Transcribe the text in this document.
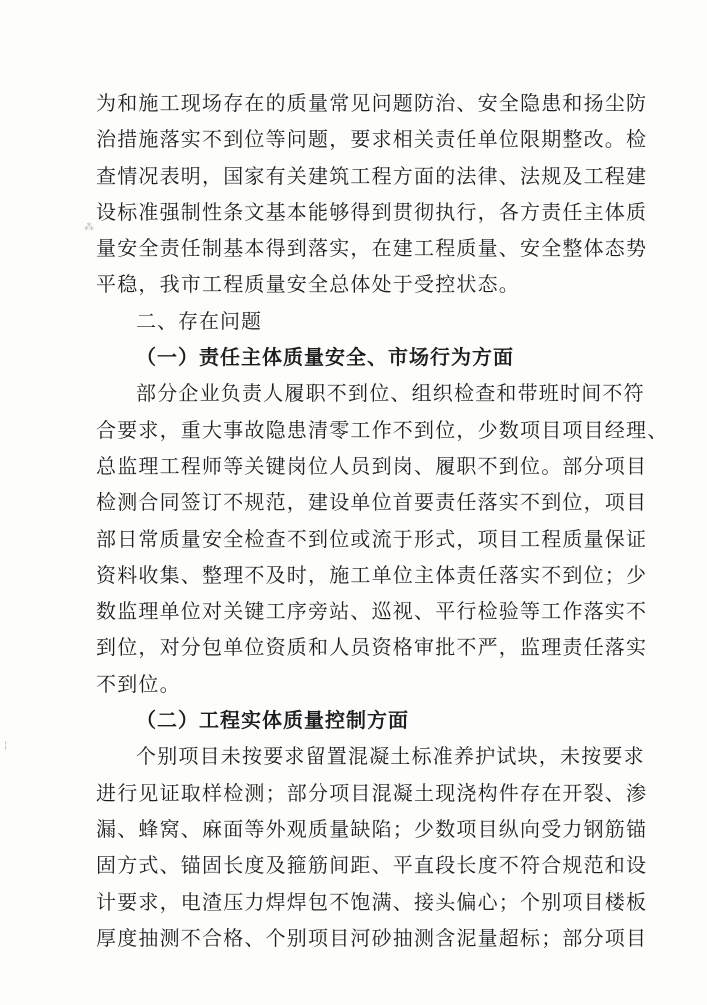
⁂
¦
为和施工现场存在的质量常见问题防治、安全隐患和扬尘防
治措施落实不到位等问题，要求相关责任单位限期整改。检
查情况表明，国家有关建筑工程方面的法律、法规及工程建
设标准强制性条文基本能够得到贯彻执行，各方责任主体质
量安全责任制基本得到落实，在建工程质量、安全整体态势
平稳，我市工程质量安全总体处于受控状态。
二、存在问题
（一）责任主体质量安全、市场行为方面
部分企业负责人履职不到位、组织检查和带班时间不符
合要求，重大事故隐患清零工作不到位，少数项目项目经理、
总监理工程师等关键岗位人员到岗、履职不到位。部分项目
检测合同签订不规范，建设单位首要责任落实不到位，项目
部日常质量安全检查不到位或流于形式，项目工程质量保证
资料收集、整理不及时，施工单位主体责任落实不到位；少
数监理单位对关键工序旁站、巡视、平行检验等工作落实不
到位，对分包单位资质和人员资格审批不严，监理责任落实
不到位。
（二）工程实体质量控制方面
个别项目未按要求留置混凝土标准养护试块，未按要求
进行见证取样检测；部分项目混凝土现浇构件存在开裂、渗
漏、蜂窝、麻面等外观质量缺陷；少数项目纵向受力钢筋锚
固方式、锚固长度及箍筋间距、平直段长度不符合规范和设
计要求，电渣压力焊焊包不饱满、接头偏心；个别项目楼板
厚度抽测不合格、个别项目河砂抽测含泥量超标；部分项目
